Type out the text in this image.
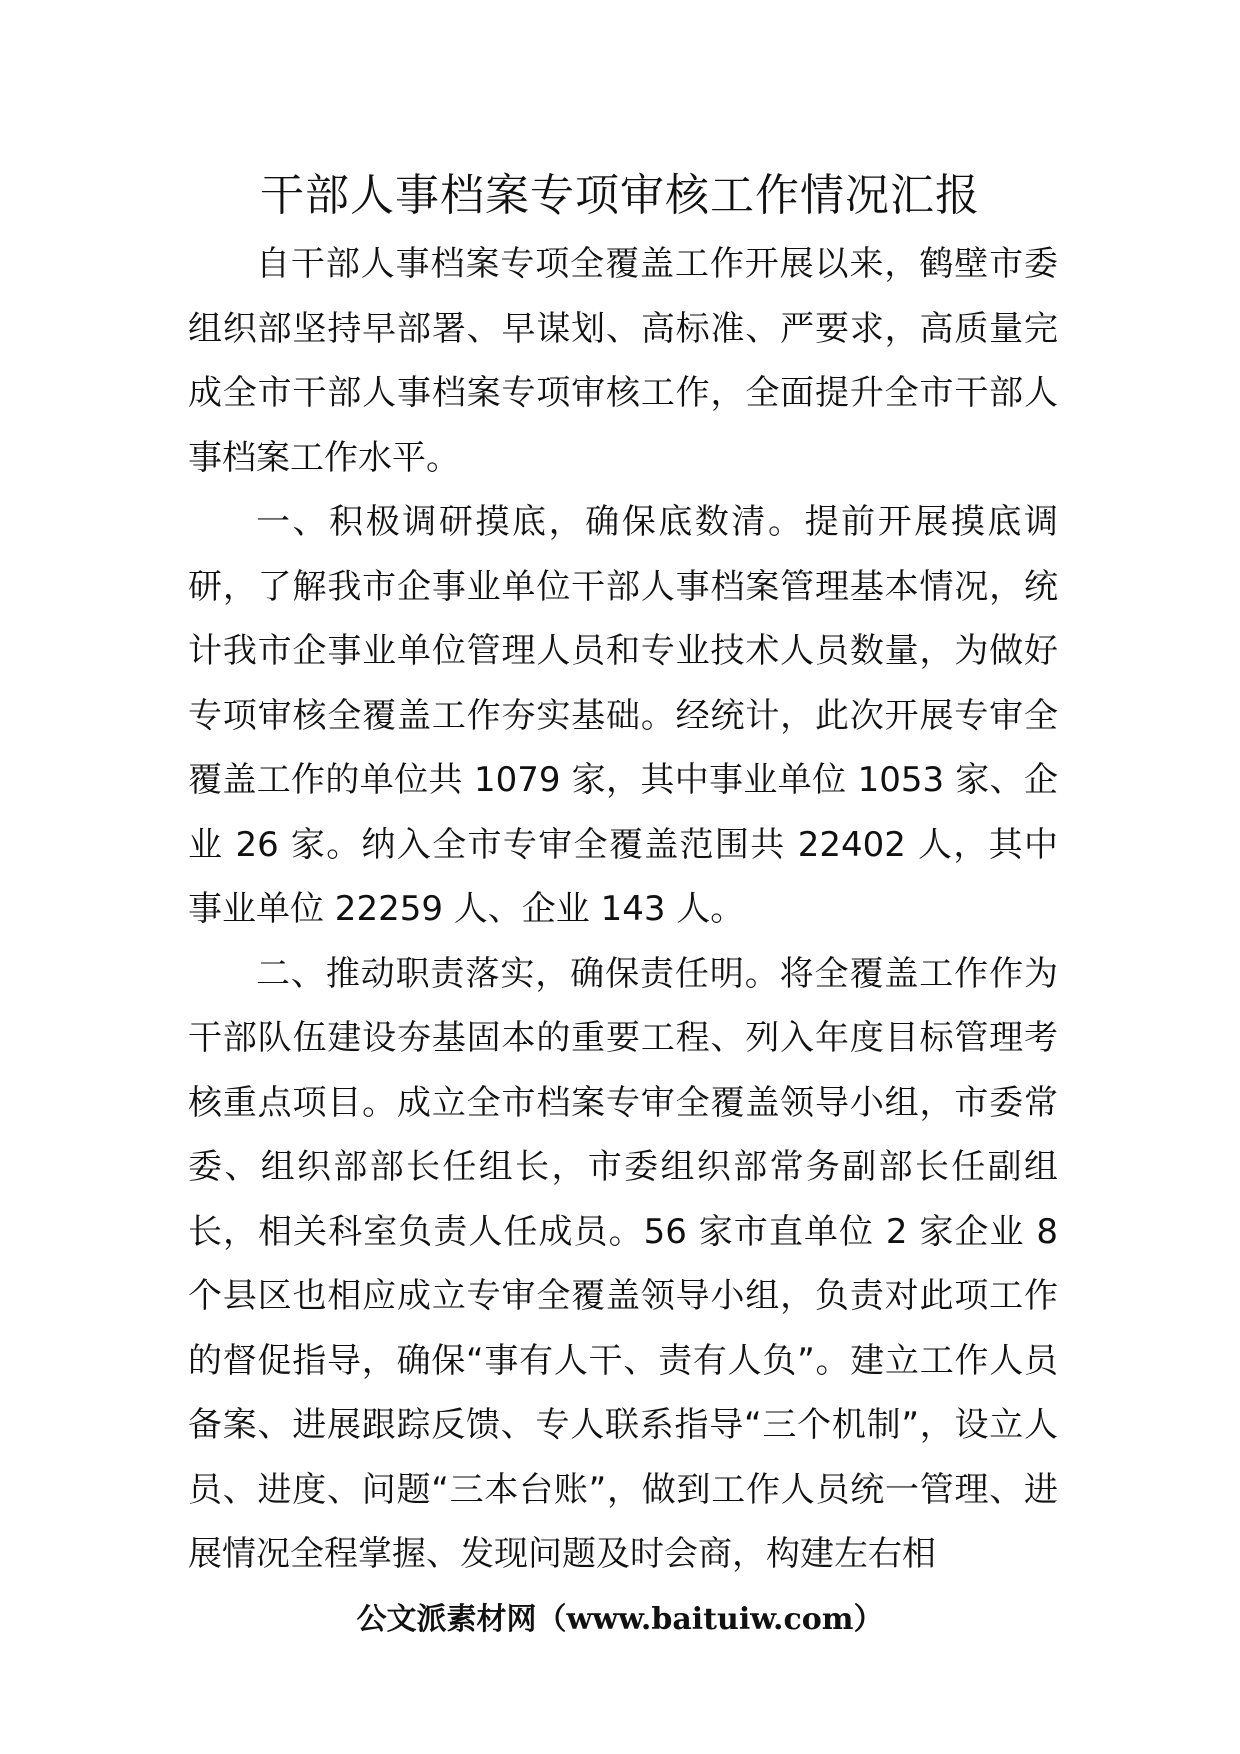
干部人事档案专项审核工作情况汇报

自干部人事档案专项全覆盖工作开展以来，鹤壁市委组织部坚持早部署、早谋划、高标准、严要求，高质量完成全市干部人事档案专项审核工作，全面提升全市干部人事档案工作水平。

一、积极调研摸底，确保底数清。提前开展摸底调研，了解我市企事业单位干部人事档案管理基本情况，统计我市企事业单位管理人员和专业技术人员数量，为做好专项审核全覆盖工作夯实基础。经统计，此次开展专审全覆盖工作的单位共 1079 家，其中事业单位 1053 家、企业 26 家。纳入全市专审全覆盖范围共 22402 人，其中事业单位 22259 人、企业 143 人。

二、推动职责落实，确保责任明。将全覆盖工作作为干部队伍建设夯基固本的重要工程、列入年度目标管理考核重点项目。成立全市档案专审全覆盖领导小组，市委常委、组织部部长任组长，市委组织部常务副部长任副组长，相关科室负责人任成员。56 家市直单位 2 家企业 8 个县区也相应成立专审全覆盖领导小组，负责对此项工作的督促指导，确保“事有人干、责有人负”。建立工作人员备案、进展跟踪反馈、专人联系指导“三个机制”，设立人员、进度、问题“三本台账”，做到工作人员统一管理、进展情况全程掌握、发现问题及时会商，构建左右相

公文派素材网（www.baituiw.com）
